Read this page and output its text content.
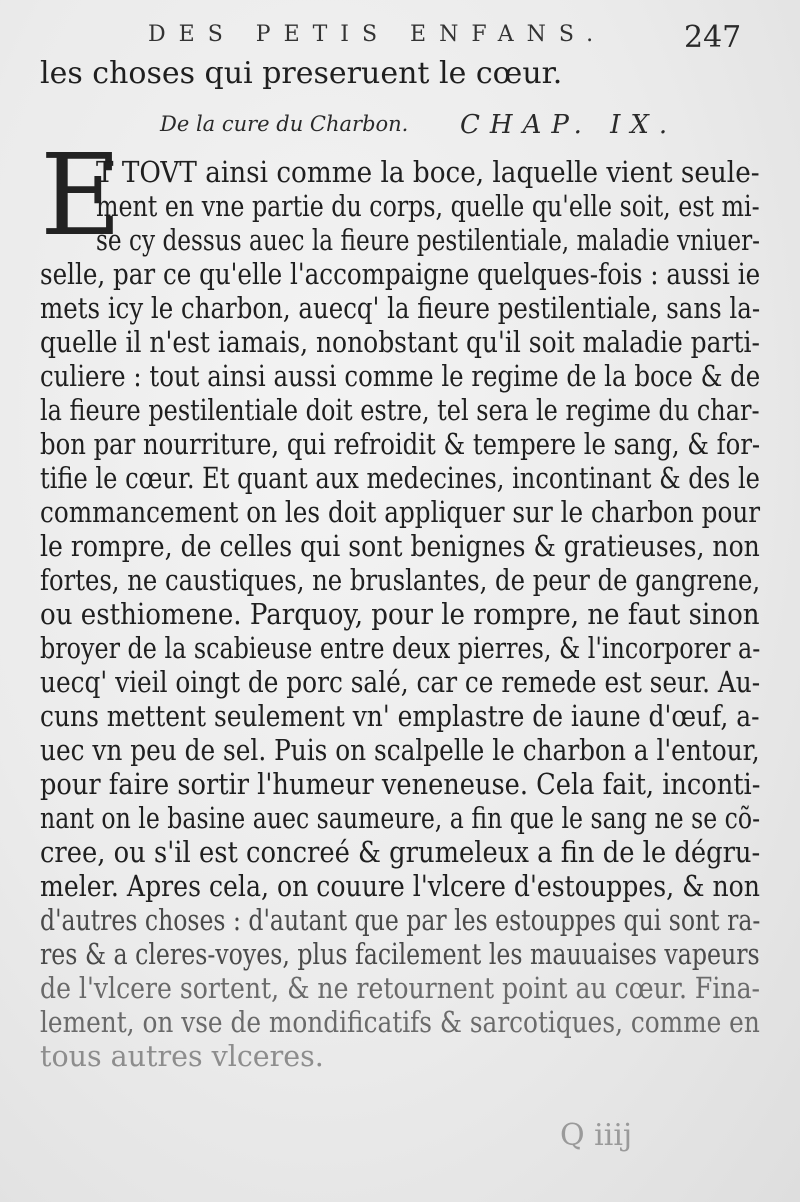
DES PETIS ENFANS.	247
les choses qui preseruent le cœur.
De la cure du Charbon. CHAP. IX.
E
T TOVT ainsi comme la boce, laquelle vient seule-
ment en vne partie du corps, quelle qu'elle soit, est mi-
se cy dessus auec la fieure pestilentiale, maladie vniuer-
selle, par ce qu'elle l'accompaigne quelques-fois : aussi ie
mets icy le charbon, auecq' la fieure pestilentiale, sans la-
quelle il n'est iamais, nonobstant qu'il soit maladie parti-
culiere : tout ainsi aussi comme le regime de la boce & de
la fieure pestilentiale doit estre, tel sera le regime du char-
bon par nourriture, qui refroidit & tempere le sang, & for-
tifie le cœur. Et quant aux medecines, incontinant & des le
commancement on les doit appliquer sur le charbon pour
le rompre, de celles qui sont benignes & gratieuses, non
fortes, ne caustiques, ne bruslantes, de peur de gangrene,
ou esthiomene. Parquoy, pour le rompre, ne faut sinon
broyer de la scabieuse entre deux pierres, & l'incorporer a-
uecq' vieil oingt de porc salé, car ce remede est seur. Au-
cuns mettent seulement vn' emplastre de iaune d'œuf, a-
uec vn peu de sel. Puis on scalpelle le charbon a l'entour,
pour faire sortir l'humeur veneneuse. Cela fait, inconti-
nant on le basine auec saumeure, a fin que le sang ne se cõ-
cree, ou s'il est concreé & grumeleux a fin de le dégru-
meler. Apres cela, on couure l'vlcere d'estouppes, & non
d'autres choses : d'autant que par les estouppes qui sont ra-
res & a cleres-voyes, plus facilement les mauuaises vapeurs
de l'vlcere sortent, & ne retournent point au cœur. Fina-
lement, on vse de mondificatifs & sarcotiques, comme en
tous autres vlceres.
Q iiij
